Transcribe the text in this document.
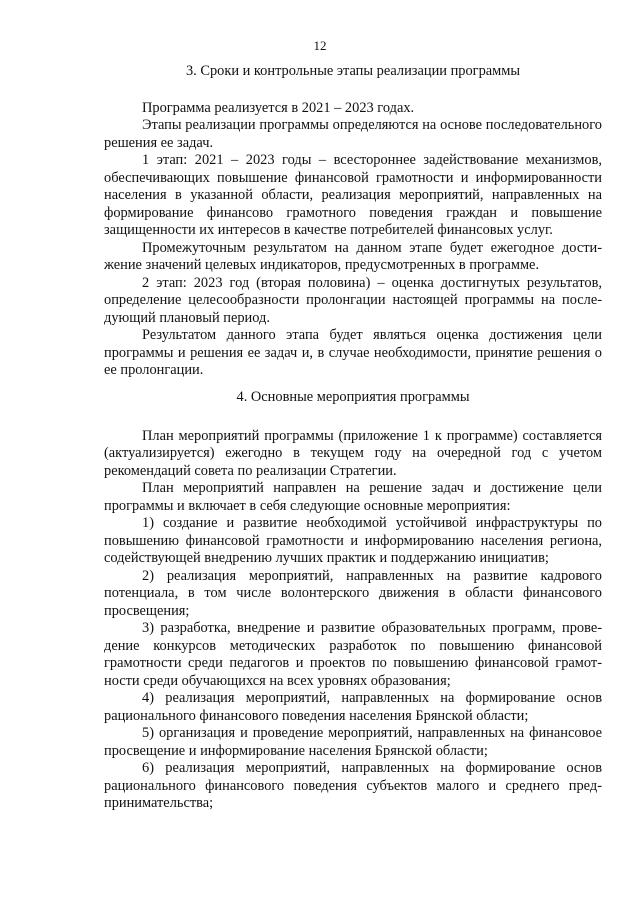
12
3. Сроки и контрольные этапы реализации программы

Программа реализуется в 2021 – 2023 годах.

Этапы реализации программы определяются на основе последовательного решения ее задач.

1 этап: 2021 – 2023 годы – всестороннее задействование механизмов, обеспечивающих повышение финансовой грамотности и информированности населения в указанной области, реализация мероприятий, направленных на формирование финансово грамотного поведения граждан и повышение защищенности их интересов в качестве потребителей финансовых услуг.

Промежуточным результатом на данном этапе будет ежегодное достижение значений целевых индикаторов, предусмотренных в программе.

2 этап: 2023 год (вторая половина) – оценка достигнутых результатов, определение целесообразности пролонгации настоящей программы на последующий плановый период.

Результатом данного этапа будет являться оценка достижения цели программы и решения ее задач и, в случае необходимости, принятие решения о ее пролонгации.

4. Основные мероприятия программы

План мероприятий программы (приложение 1 к программе) составляется (актуализируется) ежегодно в текущем году на очередной год с учетом рекомендаций совета по реализации Стратегии.

План мероприятий направлен на решение задач и достижение цели программы и включает в себя следующие основные мероприятия:

1) создание и развитие необходимой устойчивой инфраструктуры по повышению финансовой грамотности и информированию населения региона, содействующей внедрению лучших практик и поддержанию инициатив;

2) реализация мероприятий, направленных на развитие кадрового потенциала, в том числе волонтерского движения в области финансового просвещения;

3) разработка, внедрение и развитие образовательных программ, проведение конкурсов методических разработок по повышению финансовой грамотности среди педагогов и проектов по повышению финансовой грамотности среди обучающихся на всех уровнях образования;

4) реализация мероприятий, направленных на формирование основ рационального финансового поведения населения Брянской области;

5) организация и проведение мероприятий, направленных на финансовое просвещение и информирование населения Брянской области;

6) реализация мероприятий, направленных на формирование основ рационального финансового поведения субъектов малого и среднего предпринимательства;
